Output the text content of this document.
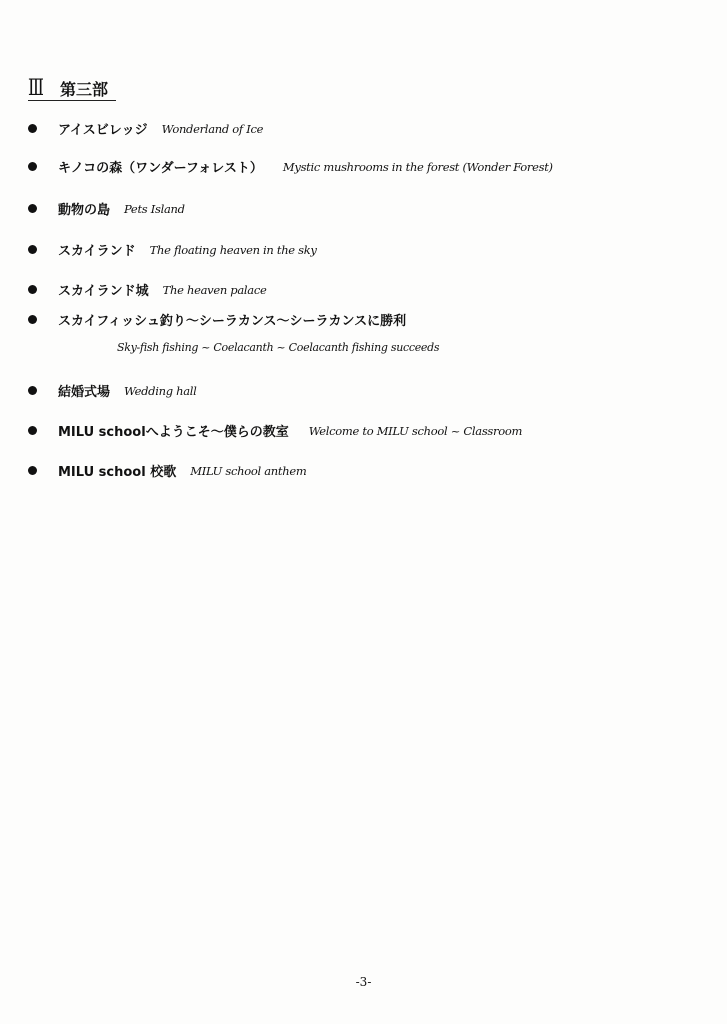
Ⅲ 第三部
アイスビレッジ Wonderland of Ice
キノコの森（ワンダーフォレスト） Mystic mushrooms in the forest (Wonder Forest)
動物の島 Pets Island
スカイランド The floating heaven in the sky
スカイランド城 The heaven palace
スカイフィッシュ釣り～シーラカンス～シーラカンスに勝利
Sky-fish fishing ~ Coelacanth ~ Coelacanth fishing succeeds
結婚式場 Wedding hall
MILU schoolへようこそ～僕らの教室 Welcome to MILU school ~ Classroom
MILU school 校歌 MILU school anthem
-3-
